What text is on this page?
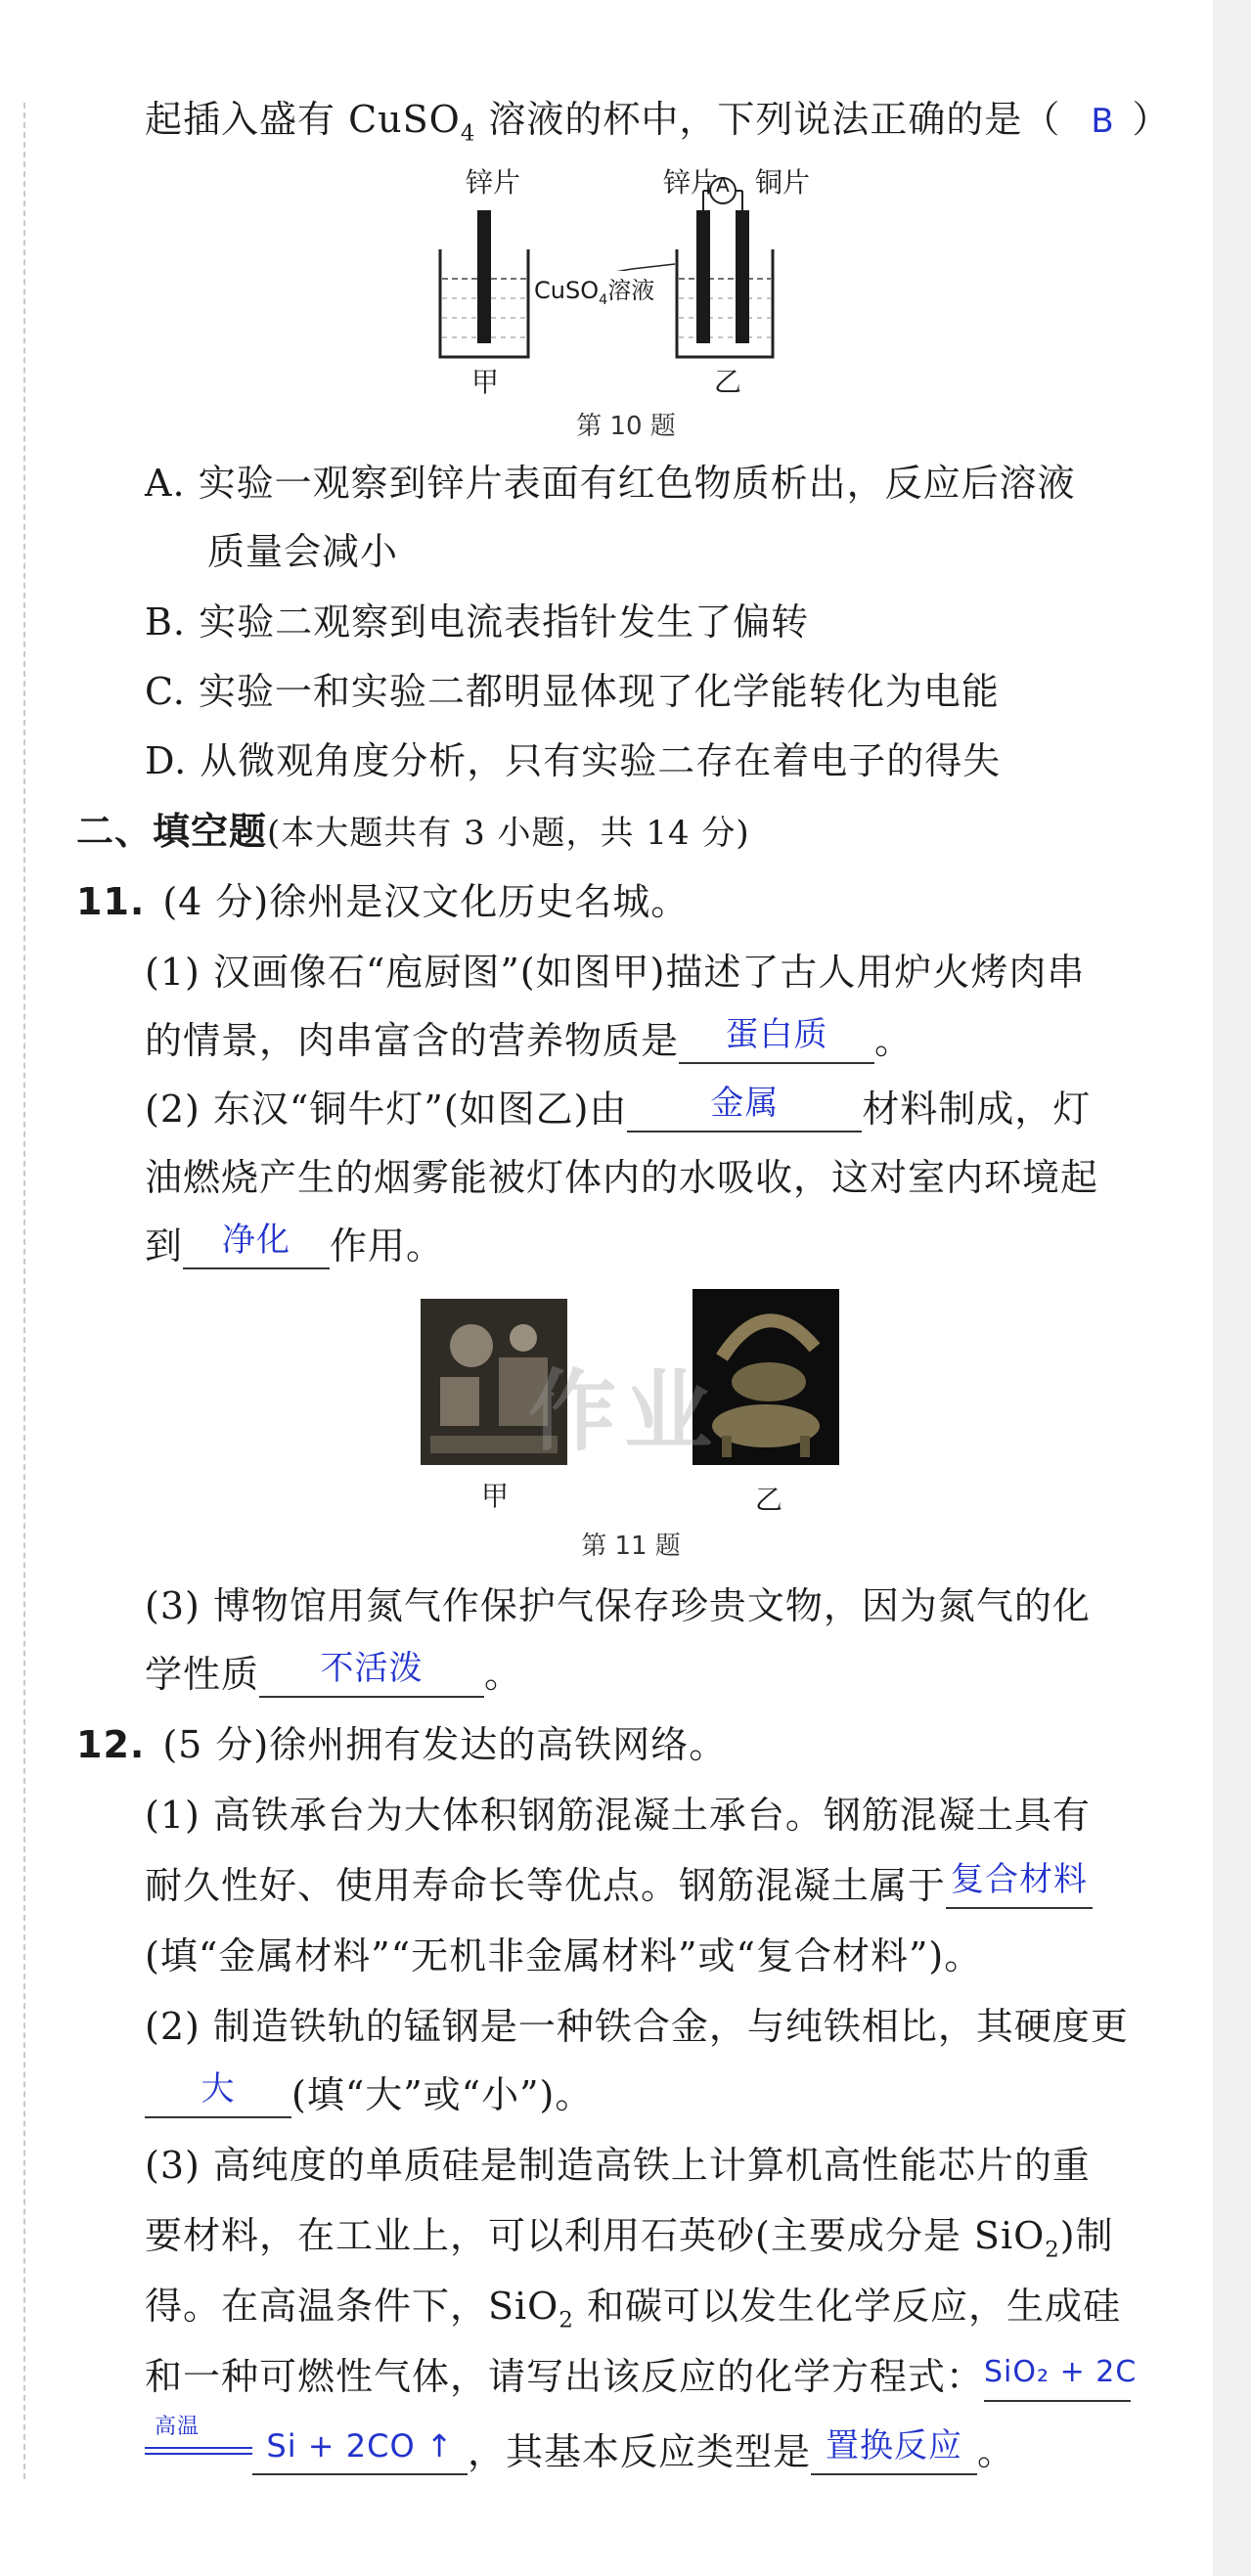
起插入盛有 CuSO$_4$ 溶液的杯中，下列说法正确的是（ B ）
锌片	锌片
A 铜片
CuSO$_4$溶液
甲	乙
第 10 题
A. 实验一观察到锌片表面有红色物质析出，反应后溶液
质量会减小
B. 实验二观察到电流表指针发生了偏转
C. 实验一和实验二都明显体现了化学能转化为电能
D. 从微观角度分析，只有实验二存在着电子的得失
二、填空题(本大题共有 3 小题，共 14 分)
11. (4 分)徐州是汉文化历史名城。
(1) 汉画像石“庖厨图”(如图甲)描述了古人用炉火烤肉串
的情景，肉串富含的营养物质是 蛋白质 。
(2) 东汉“铜牛灯”(如图乙)由	金属 材料制成，灯
油燃烧产生的烟雾能被灯体内的水吸收，这对室内环境起
到 净化 作用。
作业
甲	乙
第 11 题
(3) 博物馆用氮气作保护气保存珍贵文物，因为氮气的化
学性质 不活泼 。
12. (5 分)徐州拥有发达的高铁网络。
(1) 高铁承台为大体积钢筋混凝土承台。钢筋混凝土具有
耐久性好、使用寿命长等优点。钢筋混凝土属于 复合材料
(填“金属材料”“无机非金属材料”或“复合材料”)。
(2) 制造铁轨的锰钢是一种铁合金，与纯铁相比，其硬度更
大 (填“大”或“小”)。
(3) 高纯度的单质硅是制造高铁上计算机高性能芯片的重
要材料，在工业上，可以利用石英砂(主要成分是 SiO$_2$)制
得。在高温条件下，SiO$_2$ 和碳可以发生化学反应，生成硅
和一种可燃性气体，请写出该反应的化学方程式：$^{SiO_2 + 2C}$
高温
$^{Si + 2CO ↑}$ ，其基本反应类型是 置换反应 。
